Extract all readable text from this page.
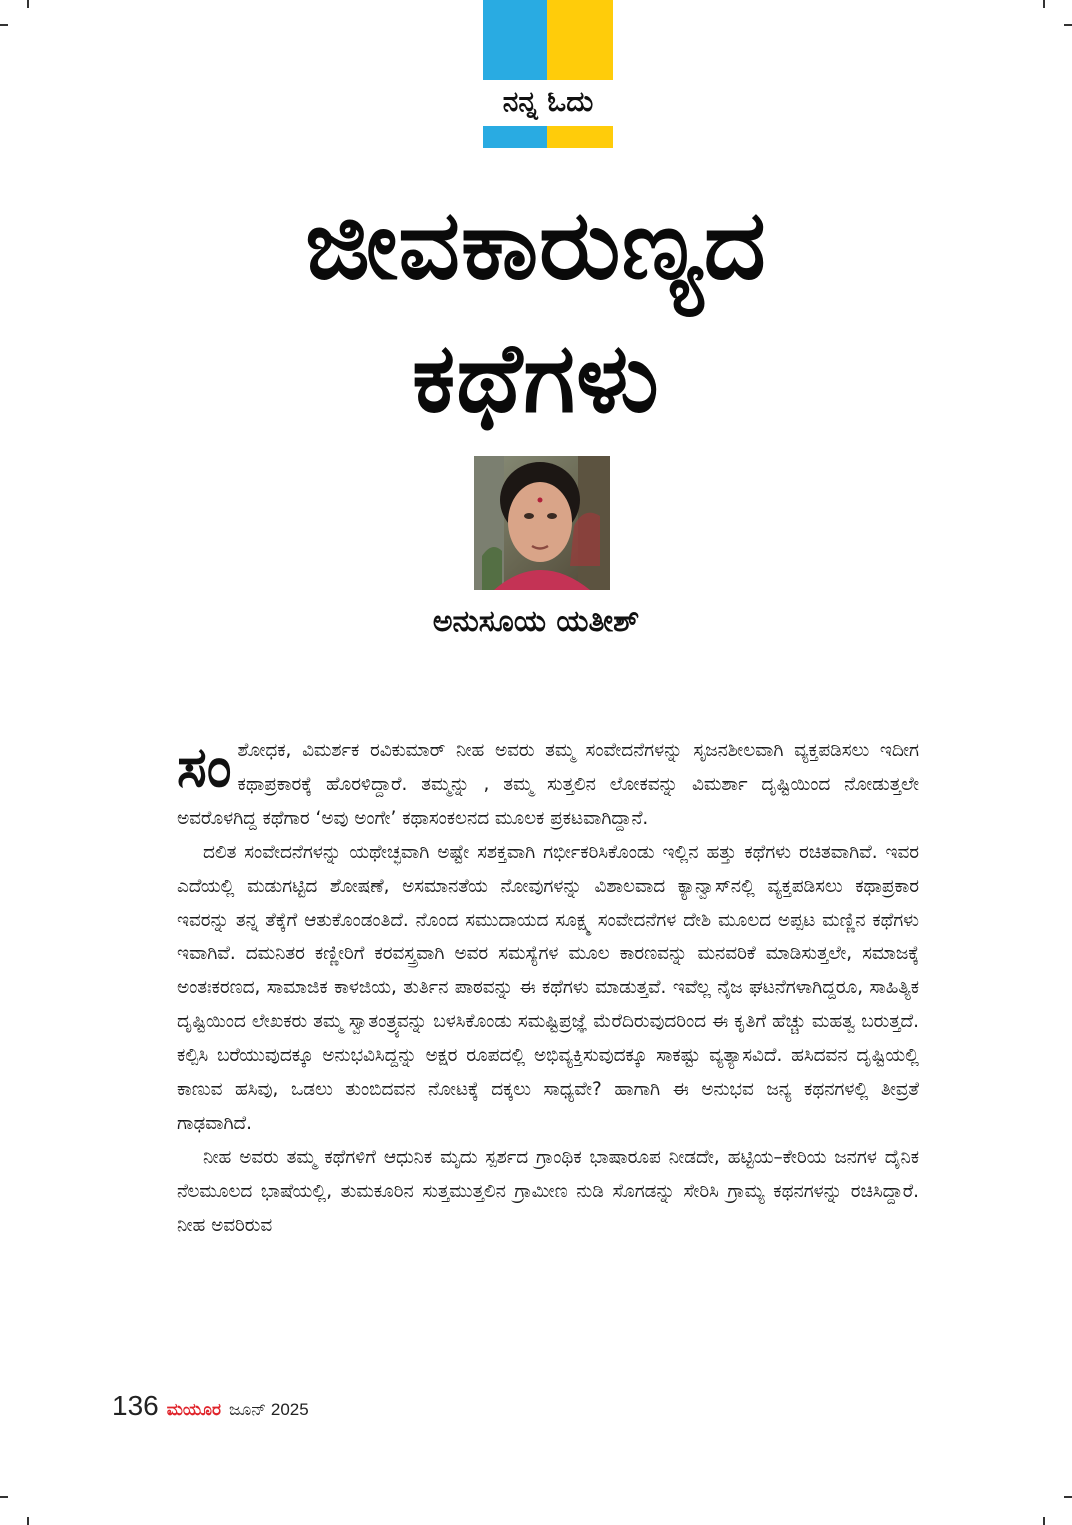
ನನ್ನ ಓದು
ಜೀವಕಾರುಣ್ಯದ
ಕಥೆಗಳು
ಅನುಸೂಯ ಯತೀಶ್

ಸಂಶೋಧಕ, ವಿಮರ್ಶಕ ರವಿಕುಮಾರ್ ನೀಹ ಅವರು ತಮ್ಮ ಸಂವೇದನೆಗಳನ್ನು ಸೃಜನಶೀಲವಾಗಿ ವ್ಯಕ್ತಪಡಿಸಲು ಇದೀಗ ಕಥಾಪ್ರಕಾರಕ್ಕೆ ಹೊರಳಿದ್ದಾರೆ. ತಮ್ಮನ್ನು , ತಮ್ಮ ಸುತ್ತಲಿನ ಲೋಕವನ್ನು ವಿಮರ್ಶಾ ದೃಷ್ಟಿಯಿಂದ ನೋಡುತ್ತಲೇ ಅವರೊಳಗಿದ್ದ ಕಥೆಗಾರ ‘ಅವು ಅಂಗೇ’ ಕಥಾಸಂಕಲನದ ಮೂಲಕ ಪ್ರಕಟವಾಗಿದ್ದಾನೆ.

ದಲಿತ ಸಂವೇದನೆಗಳನ್ನು ಯಥೇಚ್ಛವಾಗಿ ಅಷ್ಟೇ ಸಶಕ್ತವಾಗಿ ಗರ್ಭೀಕರಿಸಿಕೊಂಡು ಇಲ್ಲಿನ ಹತ್ತು ಕಥೆಗಳು ರಚಿತವಾಗಿವೆ. ಇವರ ಎದೆಯಲ್ಲಿ ಮಡುಗಟ್ಟಿದ ಶೋಷಣೆ, ಅಸಮಾನತೆಯ ನೋವುಗಳನ್ನು ವಿಶಾಲವಾದ ಕ್ಯಾನ್ವಾಸ್‌ನಲ್ಲಿ ವ್ಯಕ್ತಪಡಿಸಲು ಕಥಾಪ್ರಕಾರ ಇವರನ್ನು ತನ್ನ ತೆಕ್ಕೆಗೆ ಆತುಕೊಂಡಂತಿದೆ. ನೊಂದ ಸಮುದಾಯದ ಸೂಕ್ಷ್ಮ ಸಂವೇದನೆಗಳ ದೇಶಿ ಮೂಲದ ಅಪ್ಪಟ ಮಣ್ಣಿನ ಕಥೆಗಳು ಇವಾಗಿವೆ. ದಮನಿತರ ಕಣ್ಣೀರಿಗೆ ಕರವಸ್ತ್ರವಾಗಿ ಅವರ ಸಮಸ್ಯೆಗಳ ಮೂಲ ಕಾರಣವನ್ನು ಮನವರಿಕೆ ಮಾಡಿಸುತ್ತಲೇ, ಸಮಾಜಕ್ಕೆ ಅಂತಃಕರಣದ, ಸಾಮಾಜಿಕ ಕಾಳಜಿಯ, ತುರ್ತಿನ ಪಾಠವನ್ನು ಈ ಕಥೆಗಳು ಮಾಡುತ್ತವೆ. ಇವೆಲ್ಲ ನೈಜ ಘಟನೆಗಳಾಗಿದ್ದರೂ, ಸಾಹಿತ್ಯಿಕ ದೃಷ್ಟಿಯಿಂದ ಲೇಖಕರು ತಮ್ಮ ಸ್ವಾತಂತ್ರ್ಯವನ್ನು ಬಳಸಿಕೊಂಡು ಸಮಷ್ಟಿಪ್ರಜ್ಞೆ ಮೆರೆದಿರುವುದರಿಂದ ಈ ಕೃತಿಗೆ ಹೆಚ್ಚು ಮಹತ್ವ ಬರುತ್ತದೆ. ಕಲ್ಪಿಸಿ ಬರೆಯುವುದಕ್ಕೂ ಅನುಭವಿಸಿದ್ದನ್ನು ಅಕ್ಷರ ರೂಪದಲ್ಲಿ ಅಭಿವ್ಯಕ್ತಿಸುವುದಕ್ಕೂ ಸಾಕಷ್ಟು ವ್ಯತ್ಯಾಸವಿದೆ. ಹಸಿದವನ ದೃಷ್ಟಿಯಲ್ಲಿ ಕಾಣುವ ಹಸಿವು, ಒಡಲು ತುಂಬಿದವನ ನೋಟಕ್ಕೆ ದಕ್ಕಲು ಸಾಧ್ಯವೇ? ಹಾಗಾಗಿ ಈ ಅನುಭವ ಜನ್ಯ ಕಥನಗಳಲ್ಲಿ ತೀವ್ರತೆ ಗಾಢವಾಗಿದೆ.

ನೀಹ ಅವರು ತಮ್ಮ ಕಥೆಗಳಿಗೆ ಆಧುನಿಕ ಮೃದು ಸ್ಪರ್ಶದ ಗ್ರಾಂಥಿಕ ಭಾಷಾರೂಪ ನೀಡದೇ, ಹಟ್ಟಿಯ–ಕೇರಿಯ ಜನಗಳ ದೈನಿಕ ನೆಲಮೂಲದ ಭಾಷೆಯಲ್ಲಿ, ತುಮಕೂರಿನ ಸುತ್ತಮುತ್ತಲಿನ ಗ್ರಾಮೀಣ ನುಡಿ ಸೊಗಡನ್ನು ಸೇರಿಸಿ ಗ್ರಾಮ್ಯ ಕಥನಗಳನ್ನು ರಚಿಸಿದ್ದಾರೆ. ನೀಹ ಅವರಿರುವ

136 ಮಯೂರ ಜೂನ್ 2025
